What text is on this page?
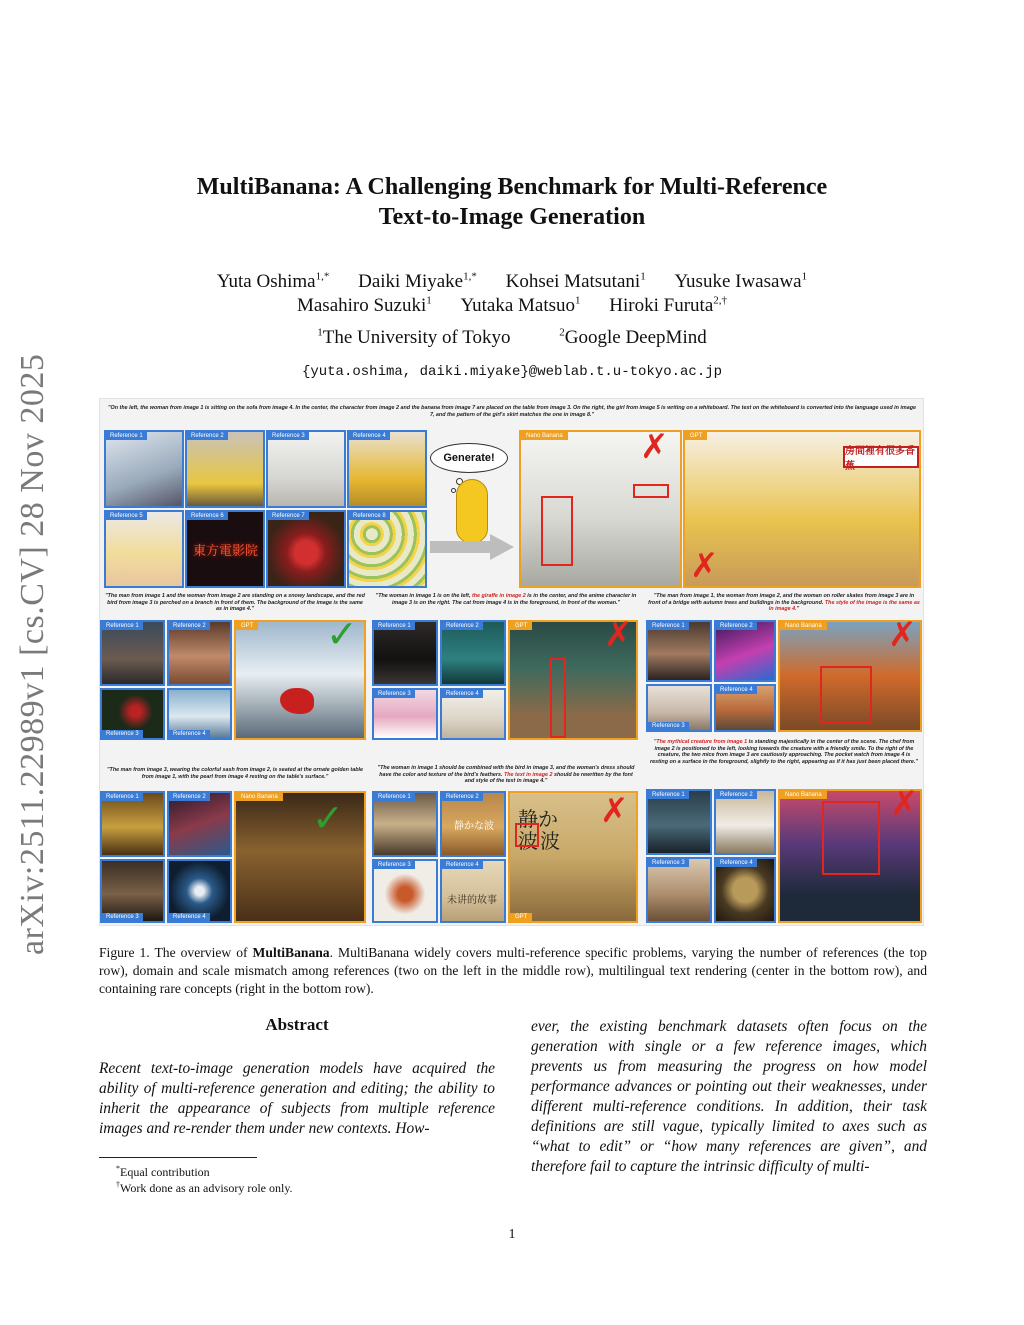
arXiv:2511.22989v1 [cs.CV] 28 Nov 2025
MultiBanana: A Challenging Benchmark for Multi-Reference
Text-to-Image Generation
Yuta Oshima$^{1,*}$ Daiki Miyake$^{1,*}$ Kohsei Matsutani$^1$ Yusuke Iwasawa$^1$
Masahiro Suzuki$^1$ Yutaka Matsuo$^1$ Hiroki Furuta$^{2,\dagger}$
$^1$The University of Tokyo	$^2$Google DeepMind
{yuta.oshima, daiki.miyake}@weblab.t.u-tokyo.ac.jp
"On the left, the woman from image 1 is sitting on the sofa from image 4. In the center, the character from image 2 and the banana from image 7 are placed on the table from image 3. On the right, the girl from image 5 is writing on a whiteboard. The text on the whiteboard is converted into the language used in image 7, and the pattern of the girl's skirt matches the one in image 8."
Reference 1	Reference 2	Reference 3	Reference 4
Reference 5	Reference 6
東方電影院
Reference 7	Reference 8
Generate!
Nano Banana ✗	GPT
房間裡有很多香蕉
✗
"The man from image 1 and the woman from image 2 are standing on a snowy landscape, and the red bird from image 3 is perched on a branch in front of them. The background of the image is the same as in image 4."
"The woman in image 1 is on the left, the giraffe in image 2 is in the center, and the anime character in image 3 is on the right. The cat from image 4 is in the foreground, in front of the woman."
"The man from image 1, the woman from image 2, and the woman on roller skates from image 3 are in front of a bridge with autumn trees and buildings in the background. The style of the image is the same as in image 4."
Reference 1	Reference 2
Reference 3	Reference 4
GPT ✓	Reference 1	Reference 2
Reference 3	Reference 4
GPT ✗	Reference 1	Reference 2
Reference 3
Reference 4
Nano Banana ✗
"The mythical creature from image 1 is standing majestically in the center of the scene. The chef from image 2 is positioned to the left, looking towards the creature with a friendly smile. To the right of the creature, the two mice from image 3 are cautiously approaching. The pocket watch from image 4 is resting on a surface in the foreground, slightly to the right, appearing as if it has just been placed there."
"The man from image 3, wearing the colorful sash from image 2, is seated at the ornate golden table from image 1, with the pearl from image 4 resting on the table's surface."
"The woman in image 1 should be combined with the bird in image 3, and the woman's dress should have the color and texture of the bird's feathers. The text in image 2 should be rewritten by the font and style of the text in image 4."
Reference 1	Reference 2
Reference 3	Reference 4
Nano Banana ✓	Reference 1	Reference 2
静かな波
Reference 3	Reference 4
未讲的故事
GPT
静か
波 波
✗	Reference 1	Reference 2
Reference 3	Reference 4
Nano Banana ✗
Figure 1. The overview of MultiBanana. MultiBanana widely covers multi-reference specific problems, varying the number of references (the top row), domain and scale mismatch among references (two on the left in the middle row), multilingual text rendering (center in the bottom row), and containing rare concepts (right in the bottom row).
Abstract
Recent text-to-image generation models have acquired the ability of multi-reference generation and editing; the ability to inherit the appearance of subjects from multiple reference images and re-render them under new contexts. How-
ever, the existing benchmark datasets often focus on the generation with single or a few reference images, which prevents us from measuring the progress on how model performance advances or pointing out their weaknesses, under different multi-reference conditions. In addition, their task definitions are still vague, typically limited to axes such as “what to edit” or “how many references are given”, and therefore fail to capture the intrinsic difficulty of multi-
*Equal contribution
†Work done as an advisory role only.
1
